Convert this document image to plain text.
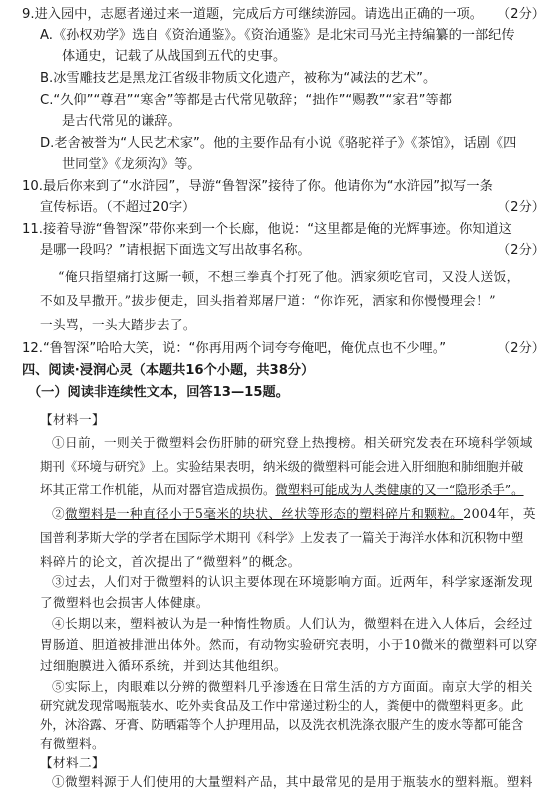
9.进入园中，志愿者递过来一道题，完成后方可继续游园。请选出正确的一项。 （2分）
A.《孙权劝学》选自《资治通鉴》。《资治通鉴》是北宋司马光主持编纂的一部纪传
体通史，记载了从战国到五代的史事。
B.冰雪雕技艺是黑龙江省级非物质文化遗产，被称为“减法的艺术”。
C.“久仰”“尊君”“寒舍”等都是古代常见敬辞；“拙作”“赐教”“家君”等都
是古代常见的谦辞。
D.老舍被誉为“人民艺术家”。他的主要作品有小说《骆驼祥子》《茶馆》，话剧《四
世同堂》《龙须沟》等。
10.最后你来到了“水浒园”，导游“鲁智深”接待了你。他请你为“水浒园”拟写一条
宣传标语。（不超过20字）	（2分）
11.接着导游“鲁智深”带你来到一个长廊，他说：“这里都是俺的光辉事迹。你知道这
是哪一段吗？”请根据下面选文写出故事名称。	（2分）
“俺只指望痛打这厮一顿，不想三拳真个打死了他。洒家须吃官司，又没人送饭，
不如及早撒开。”拔步便走，回头指着郑屠尸道：“你诈死，洒家和你慢慢理会！”
一头骂，一头大踏步去了。
12.“鲁智深”哈哈大笑，说：“你再用两个词夸夸俺吧，俺优点也不少哩。”	（2分）
四、阅读·浸润心灵（本题共16个小题，共38分）
（一）阅读非连续性文本，回答13—15题。
【材料一】
①日前，一则关于微塑料会伤肝肺的研究登上热搜榜。相关研究发表在环境科学领域
期刊《环境与研究》上。实验结果表明，纳米级的微塑料可能会进入肝细胞和肺细胞并破
坏其正常工作机能，从而对器官造成损伤。微塑料可能成为人类健康的又一“隐形杀手”。
②微塑料是一种直径小于5毫米的块状、丝状等形态的塑料碎片和颗粒。2004年，英
国普利茅斯大学的学者在国际学术期刊《科学》上发表了一篇关于海洋水体和沉积物中塑
料碎片的论文，首次提出了“微塑料”的概念。
③过去，人们对于微塑料的认识主要体现在环境影响方面。近两年，科学家逐渐发现
了微塑料也会损害人体健康。
④长期以来，塑料被认为是一种惰性物质。人们认为，微塑料在进入人体后，会经过
胃肠道、胆道被排泄出体外。然而，有动物实验研究表明，小于10微米的微塑料可以穿
过细胞膜进入循环系统，并到达其他组织。
⑤实际上，肉眼难以分辨的微塑料几乎渗透在日常生活的方方面面。南京大学的相关
研究就发现常喝瓶装水、吃外卖食品及工作中常递过粉尘的人，粪便中的微塑料更多。此
外，沐浴露、牙膏、防晒霜等个人护理用品，以及洗衣机洗涤衣服产生的废水等都可能含
有微塑料。
【材料二】
①微塑料源于人们使用的大量塑料产品，其中最常见的是用于瓶装水的塑料瓶。塑料
